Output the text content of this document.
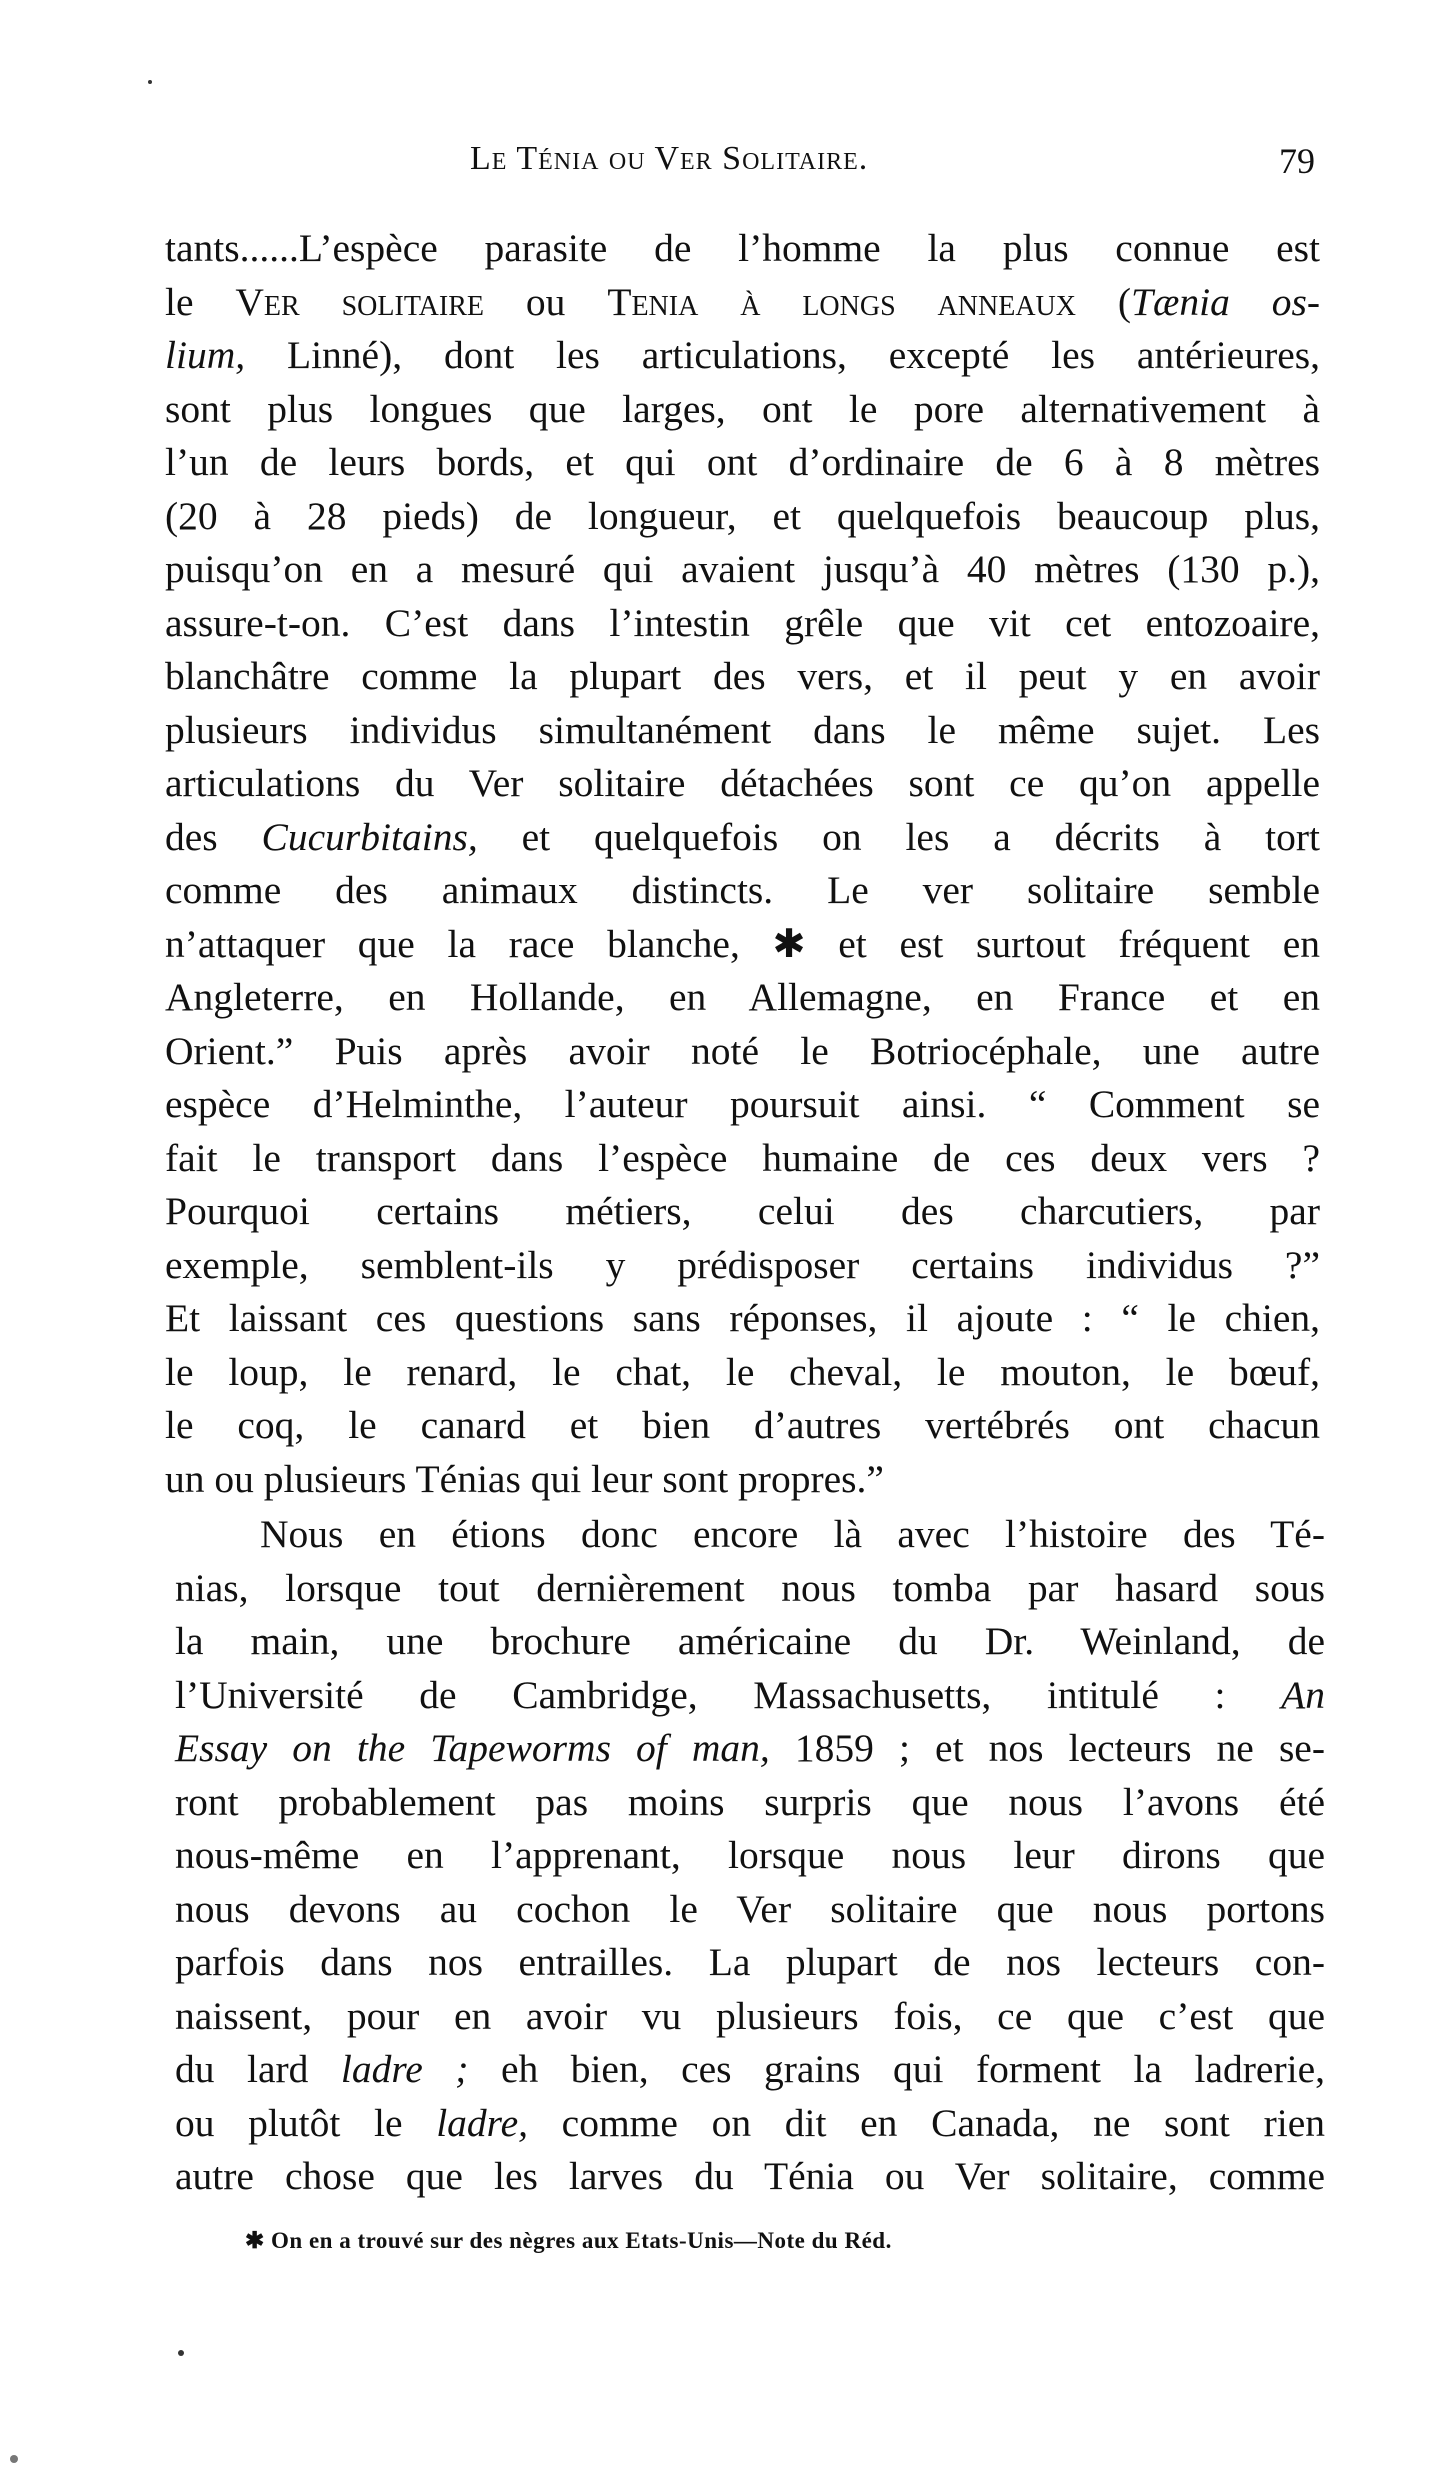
Le Ténia ou Ver Solitaire.	79
tants......L’espèce parasite de l’homme la plus connue est
le Ver solitaire ou Tenia à longs anneaux (Tænia os-
lium, Linné), dont les articulations, excepté les antérieures,
sont plus longues que larges, ont le pore alternativement à
l’un de leurs bords, et qui ont d’ordinaire de 6 à 8 mètres
(20 à 28 pieds) de longueur, et quelquefois beaucoup plus,
puisqu’on en a mesuré qui avaient jusqu’à 40 mètres (130 p.),
assure-t-on. C’est dans l’intestin grêle que vit cet entozoaire,
blanchâtre comme la plupart des vers, et il peut y en avoir
plusieurs individus simultanément dans le même sujet. Les
articulations du Ver solitaire détachées sont ce qu’on appelle
des Cucurbitains, et quelquefois on les a décrits à tort
comme des animaux distincts. Le ver solitaire semble
n’attaquer que la race blanche, ✱ et est surtout fréquent en
Angleterre, en Hollande, en Allemagne, en France et en
Orient.” Puis après avoir noté le Botriocéphale, une autre
espèce d’Helminthe, l’auteur poursuit ainsi. “ Comment se
fait le transport dans l’espèce humaine de ces deux vers ?
Pourquoi certains métiers, celui des charcutiers, par
exemple, semblent-ils y prédisposer certains individus ?”
Et laissant ces questions sans réponses, il ajoute : “ le chien,
le loup, le renard, le chat, le cheval, le mouton, le bœuf,
le coq, le canard et bien d’autres vertébrés ont chacun
un ou plusieurs Ténias qui leur sont propres.”
Nous en étions donc encore là avec l’histoire des Té-
nias, lorsque tout dernièrement nous tomba par hasard sous
la main, une brochure américaine du Dr. Weinland, de
l’Université de Cambridge, Massachusetts, intitulé : An
Essay on the Tapeworms of man, 1859 ; et nos lecteurs ne se-
ront probablement pas moins surpris que nous l’avons été
nous-même en l’apprenant, lorsque nous leur dirons que
nous devons au cochon le Ver solitaire que nous portons
parfois dans nos entrailles. La plupart de nos lecteurs con-
naissent, pour en avoir vu plusieurs fois, ce que c’est que
du lard ladre ; eh bien, ces grains qui forment la ladrerie,
ou plutôt le ladre, comme on dit en Canada, ne sont rien
autre chose que les larves du Ténia ou Ver solitaire, comme
✱ On en a trouvé sur des nègres aux Etats-Unis—Note du Réd.
